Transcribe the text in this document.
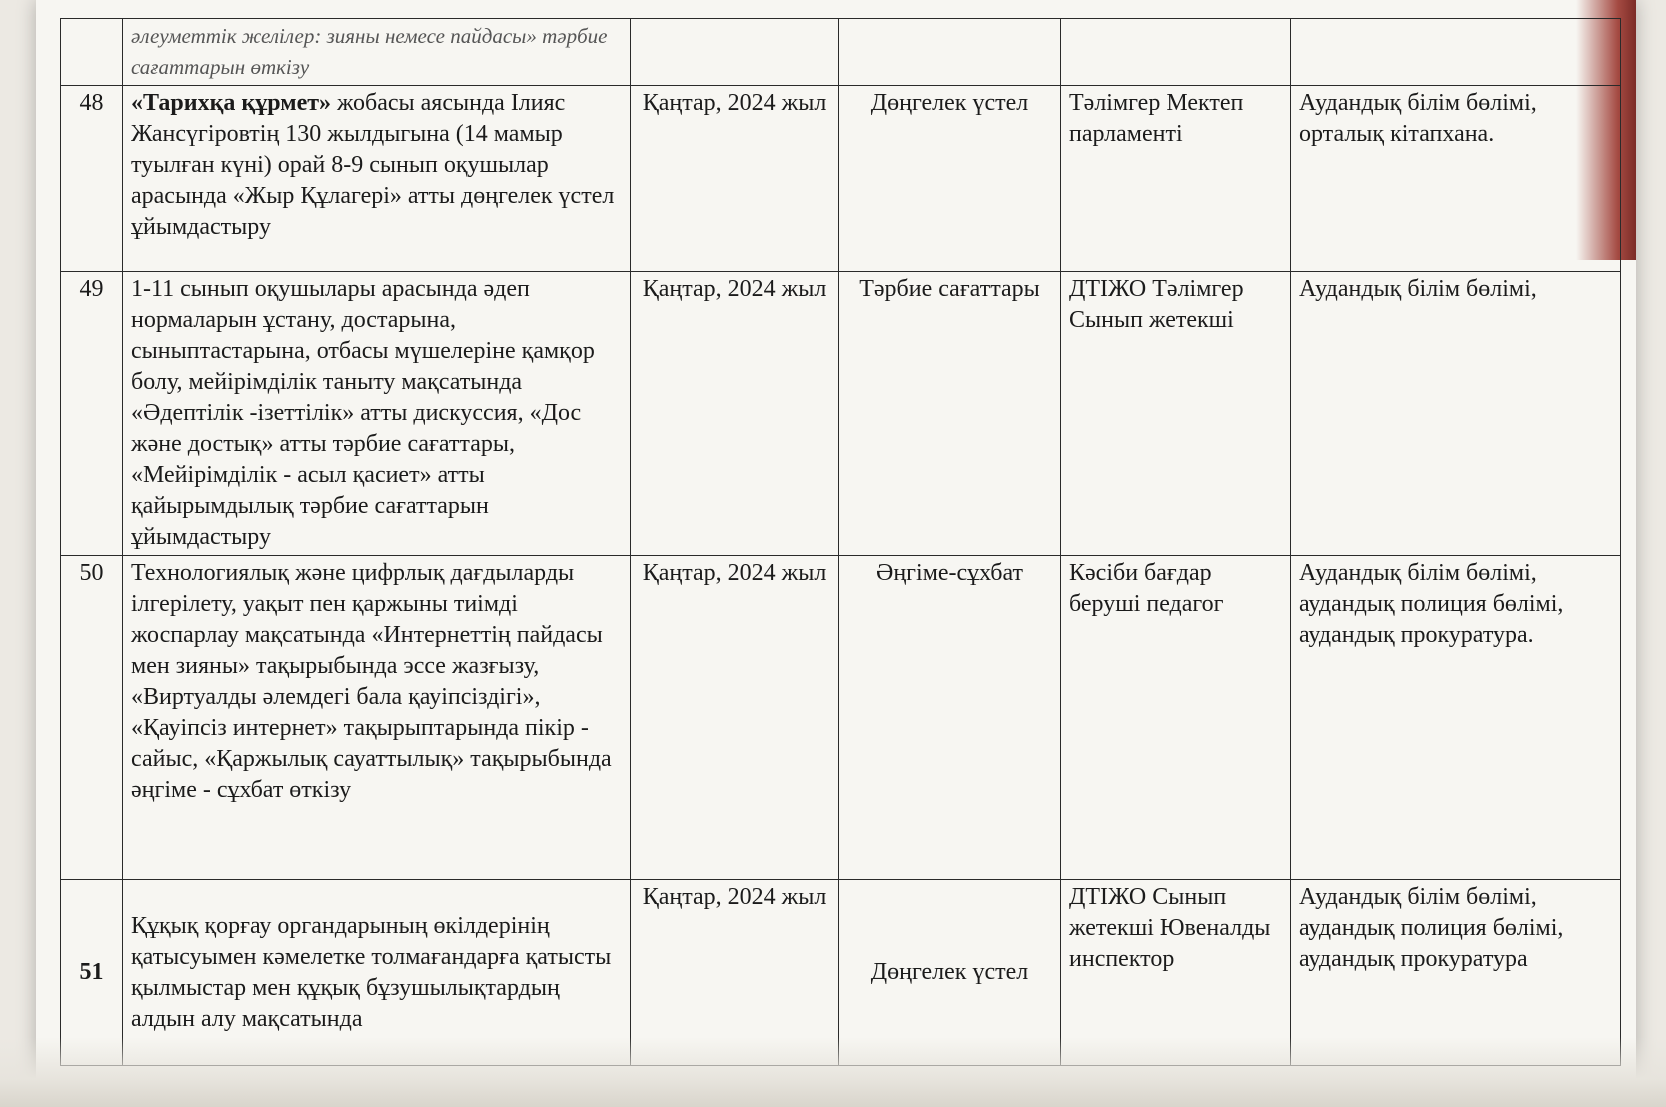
	әлеуметтік желілер: зияны немесе пайдасы» тәрбие сағаттарын өткізу				
48	«Тарихқа құрмет» жобасы аясында Ілияс Жансүгіровтің 130 жылдыгына (14 мамыр туылған күні) орай 8-9 сынып оқушылар арасында «Жыр Құлагері» атты дөңгелек үстел ұйымдастыру	Қаңтар, 2024 жыл	Дөңгелек үстел	Тәлімгер Мектеп парламенті	Аудандық білім бөлімі, орталық кітапхана.
49	1-11 сынып оқушылары арасында әдеп нормаларын ұстану, достарына, сыныптастарына, отбасы мүшелеріне қамқор болу, мейірімділік таныту мақсатында «Әдептілік -ізеттілік» атты дискуссия, «Дос және достық» атты тәрбие сағаттары, «Мейірімділік - асыл қасиет» атты қайырымдылық тәрбие сағаттарын ұйымдастыру	Қаңтар, 2024 жыл	Тәрбие сағаттары	ДТІЖО Тәлімгер Сынып жетекші	Аудандық білім бөлімі,
50	Технологиялық және цифрлық дағдыларды ілгерілету, уақыт пен қаржыны тиімді жоспарлау мақсатында «Интернеттің пайдасы мен зияны» тақырыбында эссе жазғызу, «Виртуалды әлемдегі бала қауіпсіздігі», «Қауіпсіз интернет» тақырыптарында пікір - сайыс, «Қаржылық сауаттылық» тақырыбында әңгіме - сұхбат өткізу	Қаңтар, 2024 жыл	Әңгіме-сұхбат	Кәсіби бағдар беруші педагог	Аудандық білім бөлімі, аудандық полиция бөлімі, аудандық прокуратура.
51	Құқық қорғау органдарының өкілдерінің қатысуымен кәмелетке толмағандарға қатысты қылмыстар мен құқық бұзушылықтардың алдын алу мақсатында	Қаңтар, 2024 жыл	Дөңгелек үстел	ДТІЖО Сынып жетекші Ювеналды инспектор	Аудандық білім бөлімі, аудандық полиция бөлімі, аудандық прокуратура
